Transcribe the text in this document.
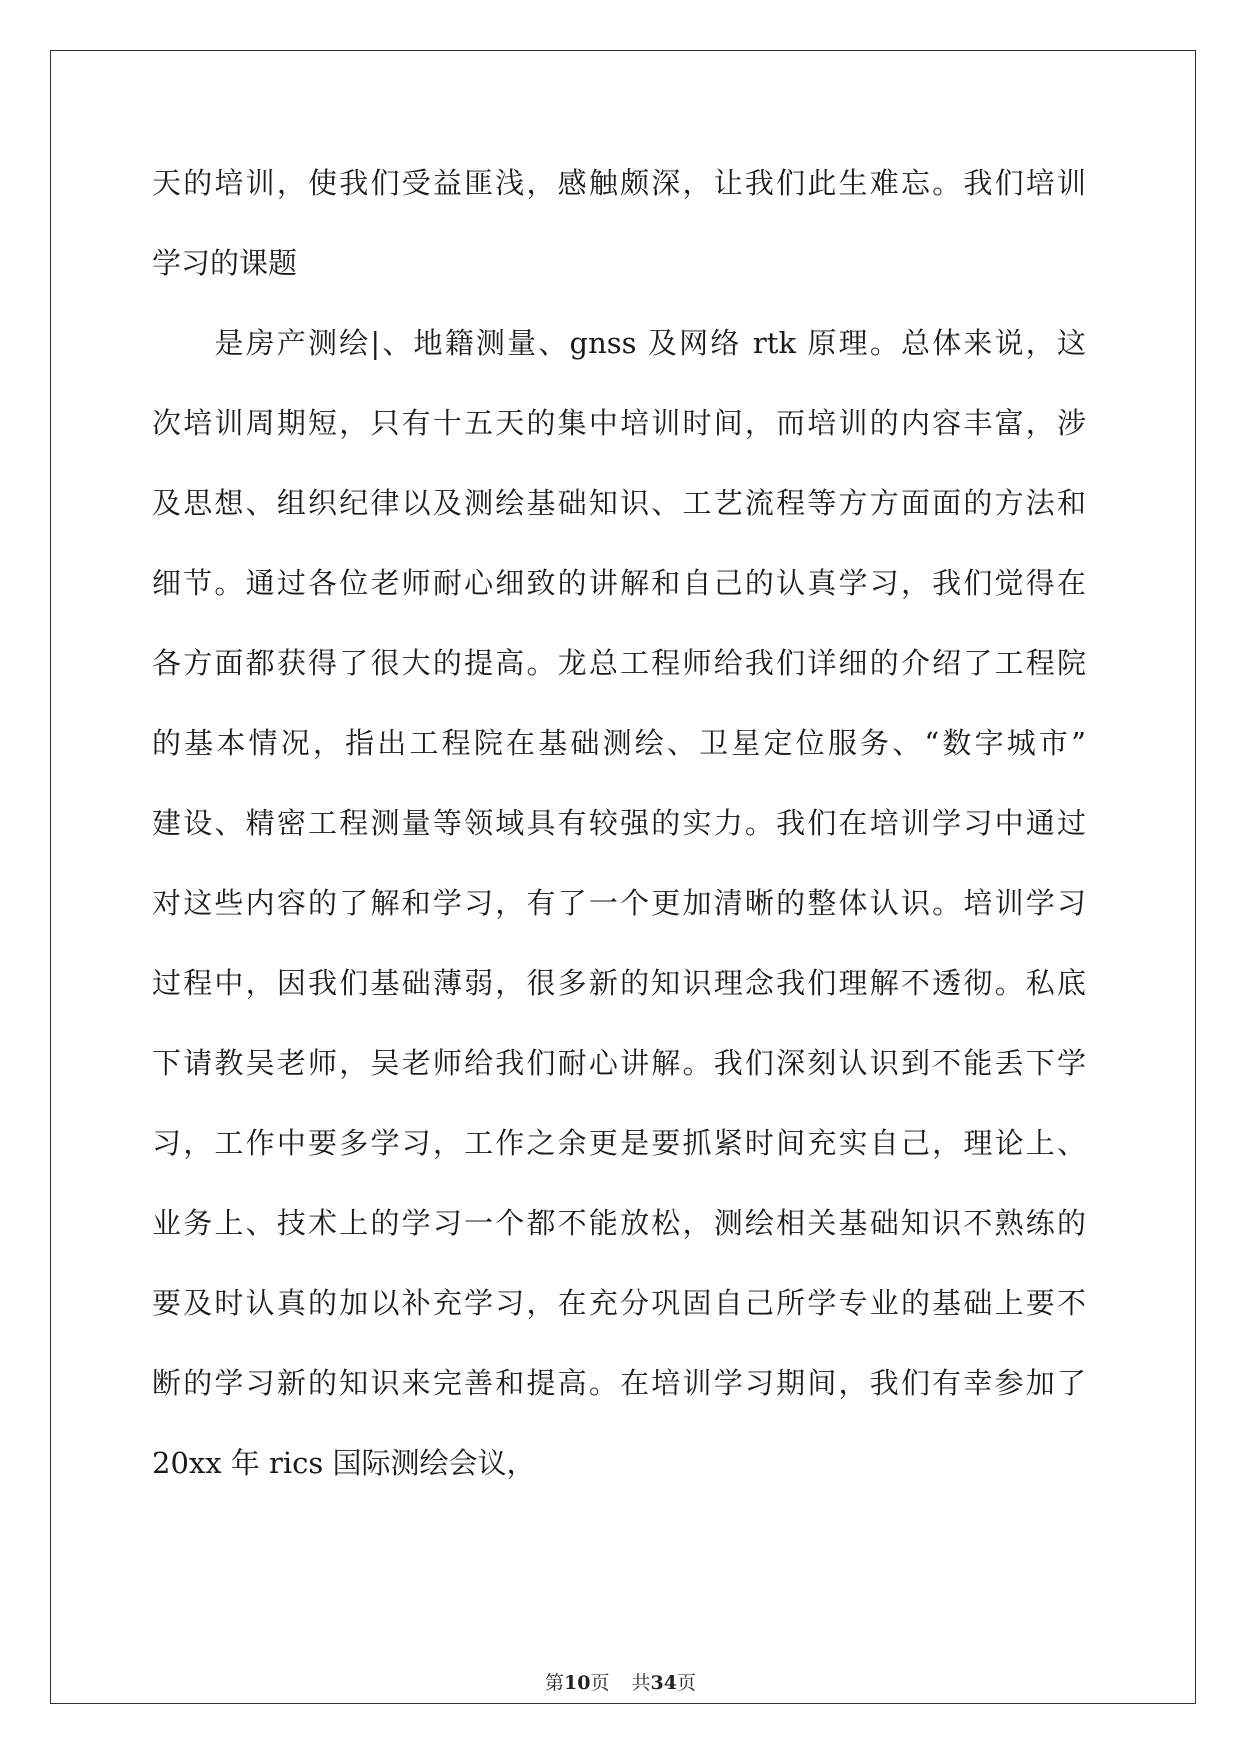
天的培训，使我们受益匪浅，感触颇深，让我们此生难忘。我们培训
学习的课题
　　是房产测绘|、地籍测量、gnss 及网络 rtk 原理。总体来说，这
次培训周期短，只有十五天的集中培训时间，而培训的内容丰富，涉
及思想、组织纪律以及测绘基础知识、工艺流程等方方面面的方法和
细节。通过各位老师耐心细致的讲解和自己的认真学习，我们觉得在
各方面都获得了很大的提高。龙总工程师给我们详细的介绍了工程院
的基本情况，指出工程院在基础测绘、卫星定位服务、“数字城市”
建设、精密工程测量等领域具有较强的实力。我们在培训学习中通过
对这些内容的了解和学习，有了一个更加清晰的整体认识。培训学习
过程中，因我们基础薄弱，很多新的知识理念我们理解不透彻。私底
下请教吴老师，吴老师给我们耐心讲解。我们深刻认识到不能丢下学
习，工作中要多学习，工作之余更是要抓紧时间充实自己，理论上、
业务上、技术上的学习一个都不能放松，测绘相关基础知识不熟练的
要及时认真的加以补充学习，在充分巩固自己所学专业的基础上要不
断的学习新的知识来完善和提高。在培训学习期间，我们有幸参加了
20xx 年 rics 国际测绘会议，
第10页 共34页
